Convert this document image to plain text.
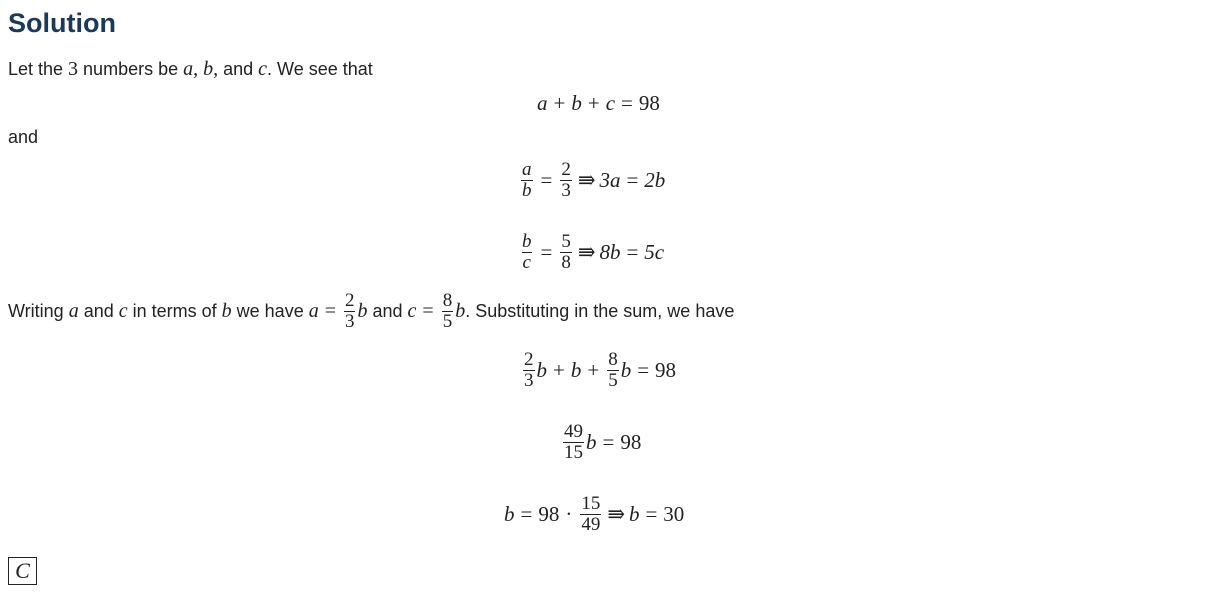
Solution
Let the 3 numbers be a, b, and c . We see that
a + b + c = 98
and
$\frac{a}{b} = \frac{2}{3}$ ⇛ 3a = 2b
$\frac{b}{c} = \frac{5}{8}$ ⇛ 8b = 5c
Writing a and c in terms of b we have $a = \frac{2}{3}$ b and $c = \frac{8}{5}$ b . Substituting in the sum, we have
$\frac{2}{3}$ $b + b + \frac{8}{5}$ b = 98
$\frac{49}{15}$ b = 98
$b = 98 \cdot \frac{15}{49}$ ⇛ b = 30
C
